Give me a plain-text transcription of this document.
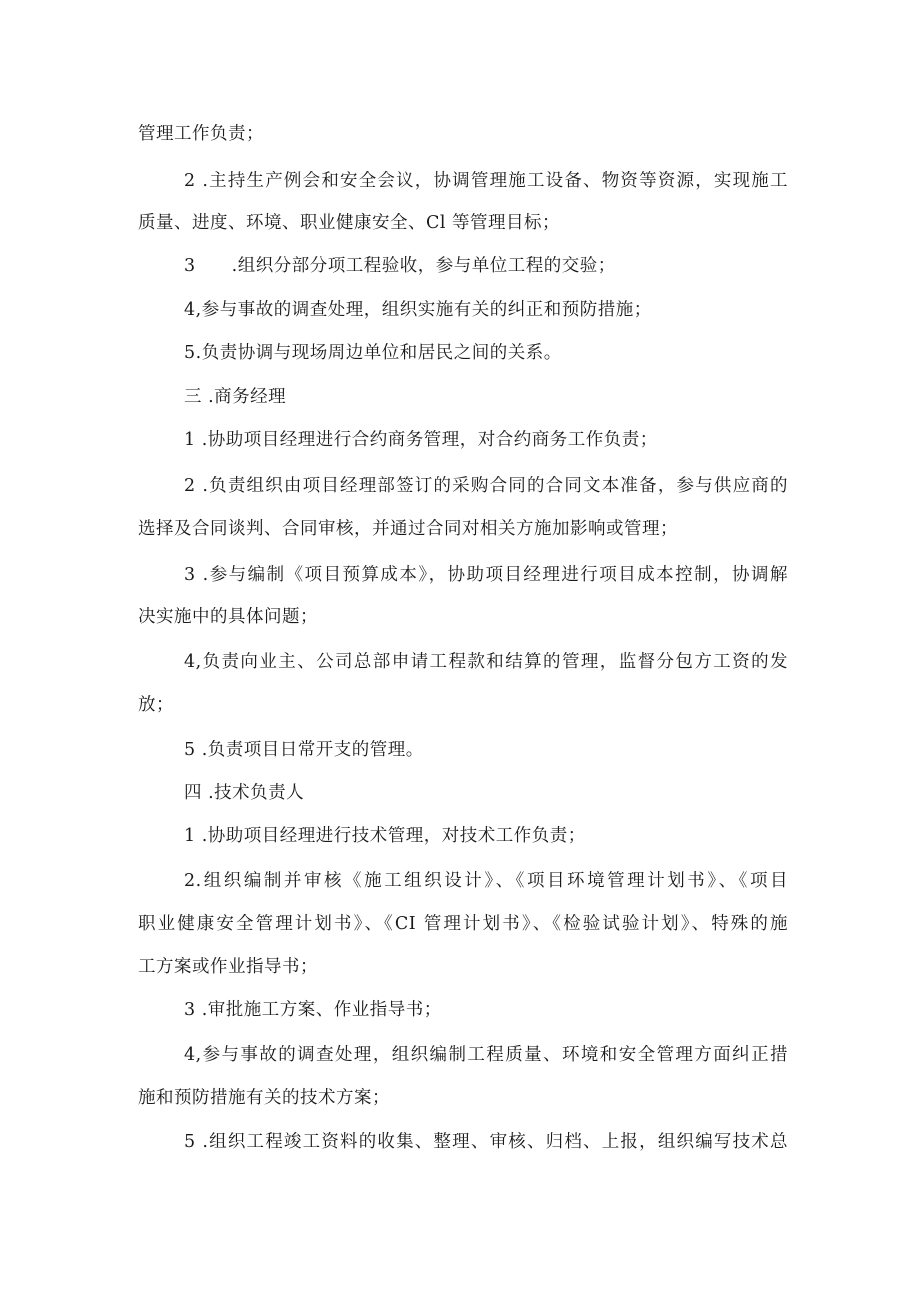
管理工作负责；
2 .主持生产例会和安全会议，协调管理施工设备、物资等资源，实现施工
质量、进度、环境、职业健康安全、Cl 等管理目标；
3　　.组织分部分项工程验收，参与单位工程的交验；
4,参与事故的调查处理，组织实施有关的纠正和预防措施；
5.负责协调与现场周边单位和居民之间的关系。
三 .商务经理
1 .协助项目经理进行合约商务管理，对合约商务工作负责；
2 .负责组织由项目经理部签订的采购合同的合同文本准备，参与供应商的
选择及合同谈判、合同审核，并通过合同对相关方施加影响或管理；
3 .参与编制《项目预算成本》，协助项目经理进行项目成本控制，协调解
决实施中的具体问题；
4,负责向业主、公司总部申请工程款和结算的管理，监督分包方工资的发
放；
5 .负责项目日常开支的管理。
四 .技术负责人
1 .协助项目经理进行技术管理，对技术工作负责；
2.组织编制并审核《施工组织设计》、《项目环境管理计划书》、《项目
职业健康安全管理计划书》、《CI 管理计划书》、《检验试验计划》、特殊的施
工方案或作业指导书；
3 .审批施工方案、作业指导书；
4,参与事故的调查处理，组织编制工程质量、环境和安全管理方面纠正措
施和预防措施有关的技术方案；
5 .组织工程竣工资料的收集、整理、审核、归档、上报，组织编写技术总
